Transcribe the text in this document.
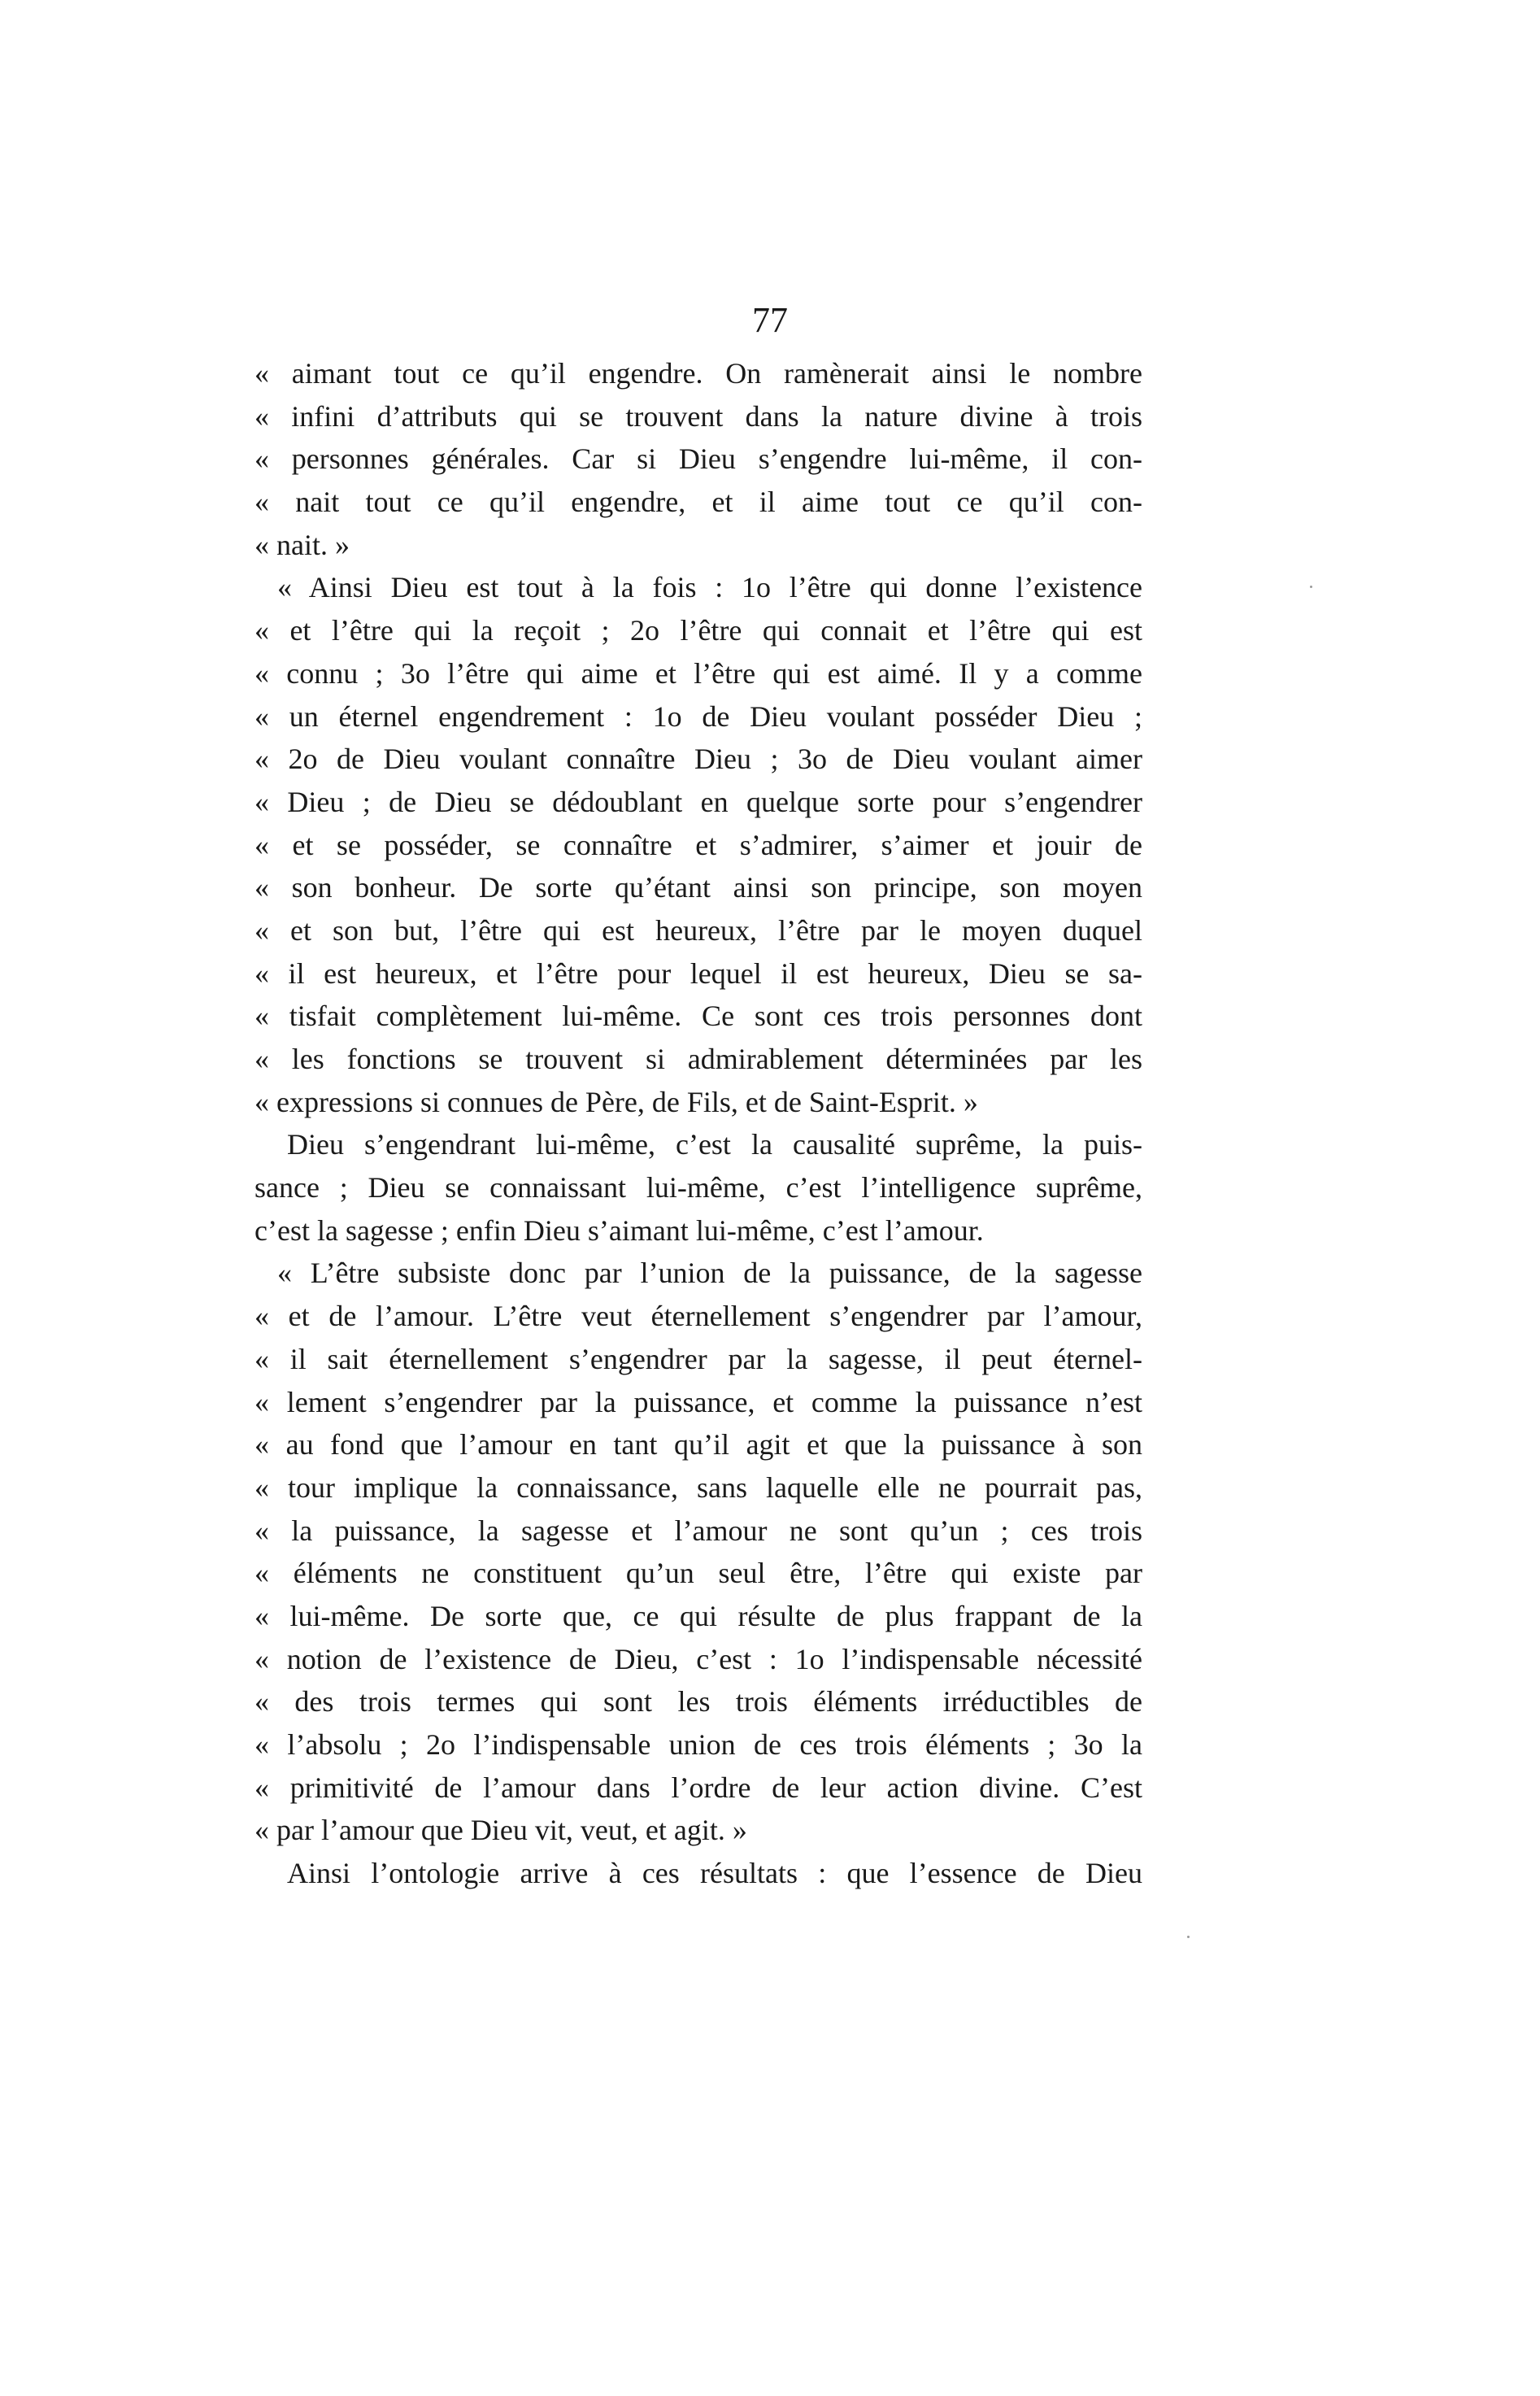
77
« aimant tout ce qu’il engendre. On ramènerait ainsi le nombre
« infini d’attributs qui se trouvent dans la nature divine à trois
« personnes générales. Car si Dieu s’engendre lui-même, il con-
« nait tout ce qu’il engendre, et il aime tout ce qu’il con-
« nait. »
« Ainsi Dieu est tout à la fois : 1o l’être qui donne l’existence
« et l’être qui la reçoit ; 2o l’être qui connait et l’être qui est
« connu ; 3o l’être qui aime et l’être qui est aimé. Il y a comme
« un éternel engendrement : 1o de Dieu voulant posséder Dieu ;
« 2o de Dieu voulant connaître Dieu ; 3o de Dieu voulant aimer
« Dieu ; de Dieu se dédoublant en quelque sorte pour s’engendrer
« et se posséder, se connaître et s’admirer, s’aimer et jouir de
« son bonheur. De sorte qu’étant ainsi son principe, son moyen
« et son but, l’être qui est heureux, l’être par le moyen duquel
« il est heureux, et l’être pour lequel il est heureux, Dieu se sa-
« tisfait complètement lui-même. Ce sont ces trois personnes dont
« les fonctions se trouvent si admirablement déterminées par les
« expressions si connues de Père, de Fils, et de Saint-Esprit. »
Dieu s’engendrant lui-même, c’est la causalité suprême, la puis-
sance ; Dieu se connaissant lui-même, c’est l’intelligence suprême,
c’est la sagesse ; enfin Dieu s’aimant lui-même, c’est l’amour.
« L’être subsiste donc par l’union de la puissance, de la sagesse
« et de l’amour. L’être veut éternellement s’engendrer par l’amour,
« il sait éternellement s’engendrer par la sagesse, il peut éternel-
« lement s’engendrer par la puissance, et comme la puissance n’est
« au fond que l’amour en tant qu’il agit et que la puissance à son
« tour implique la connaissance, sans laquelle elle ne pourrait pas,
« la puissance, la sagesse et l’amour ne sont qu’un ; ces trois
« éléments ne constituent qu’un seul être, l’être qui existe par
« lui-même. De sorte que, ce qui résulte de plus frappant de la
« notion de l’existence de Dieu, c’est : 1o l’indispensable nécessité
« des trois termes qui sont les trois éléments irréductibles de
« l’absolu ; 2o l’indispensable union de ces trois éléments ; 3o la
« primitivité de l’amour dans l’ordre de leur action divine. C’est
« par l’amour que Dieu vit, veut, et agit. »
Ainsi l’ontologie arrive à ces résultats : que l’essence de Dieu
